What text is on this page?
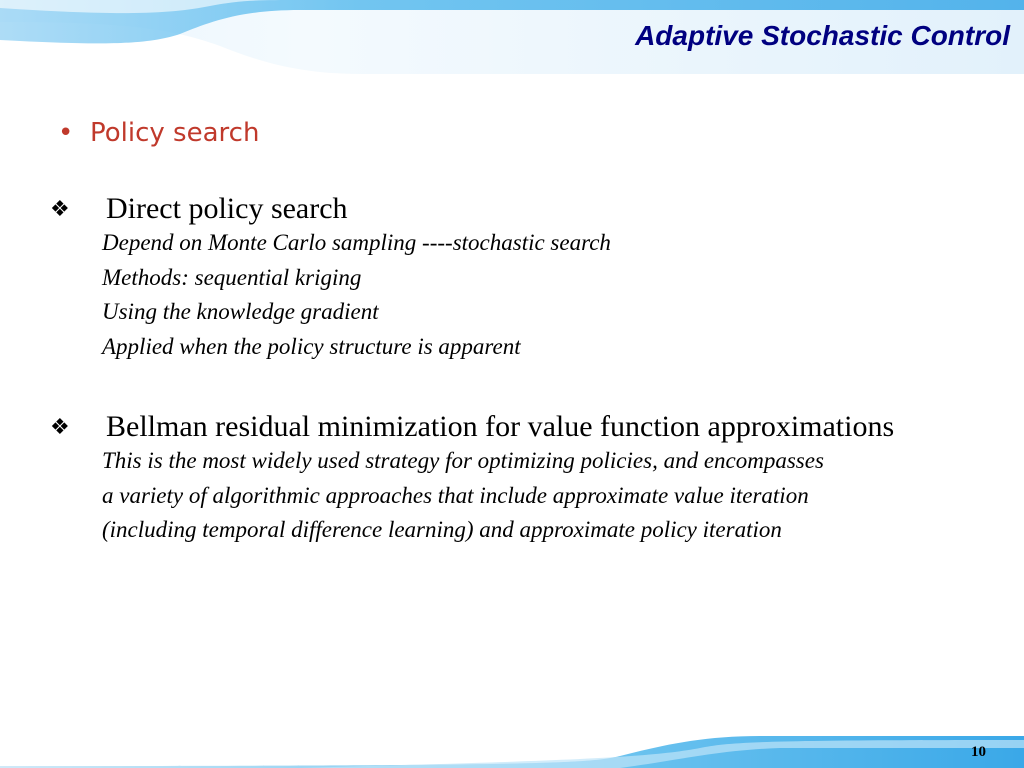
Adaptive Stochastic Control
• Policy search
❖	Direct policy search

Depend on Monte Carlo sampling ----stochastic search

Methods: sequential kriging

Using the knowledge gradient

Applied when the policy structure is apparent

❖	Bellman residual minimization for value function approximations

This is the most widely used strategy for optimizing policies, and encompasses

a variety of algorithmic approaches that include approximate value iteration

(including temporal difference learning) and approximate policy iteration

10
